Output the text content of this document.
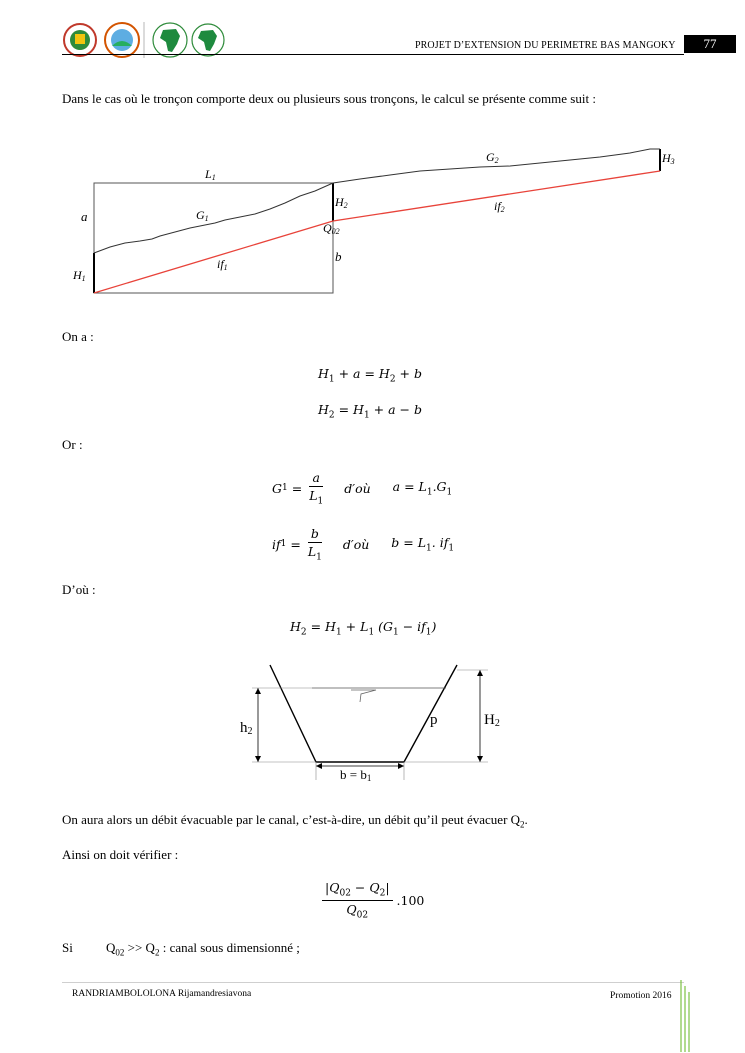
PROJET D’EXTENSION DU PERIMETRE BAS MANGOKY	77
Dans le cas où le tronçon comporte deux ou plusieurs sous tronçons, le calcul se présente comme suit :
L1
G1
G2
a
b
H1
H2
H3
Q02
if1
if2
On a :
$H_1 + a = H_2 + b$
$H_2 = H_1 + a - b$
Or :
G $1 = \frac{a}{L_1}$ d′où $a = L_1.G_1$
if $1 = \frac{b}{L_1}$ d′où $b = L_1$. $if_1$
D’où :
$H_2 = H_1 + L_1$ $(G_1 - if_1)$
h2
p	H2
b = b1
On aura alors un débit évacuable par le canal, c’est-à-dire, un débit qu’il peut évacuer $Q_2$.
Ainsi on doit vérifier :
$\frac{|Q_{02} - Q_2|}{Q_{02}} .100$
Si	$Q_{02} >> Q_2$ : canal sous dimensionné ;
RANDRIAMBOLOLONA Rijamandresiavona	Promotion 2016
